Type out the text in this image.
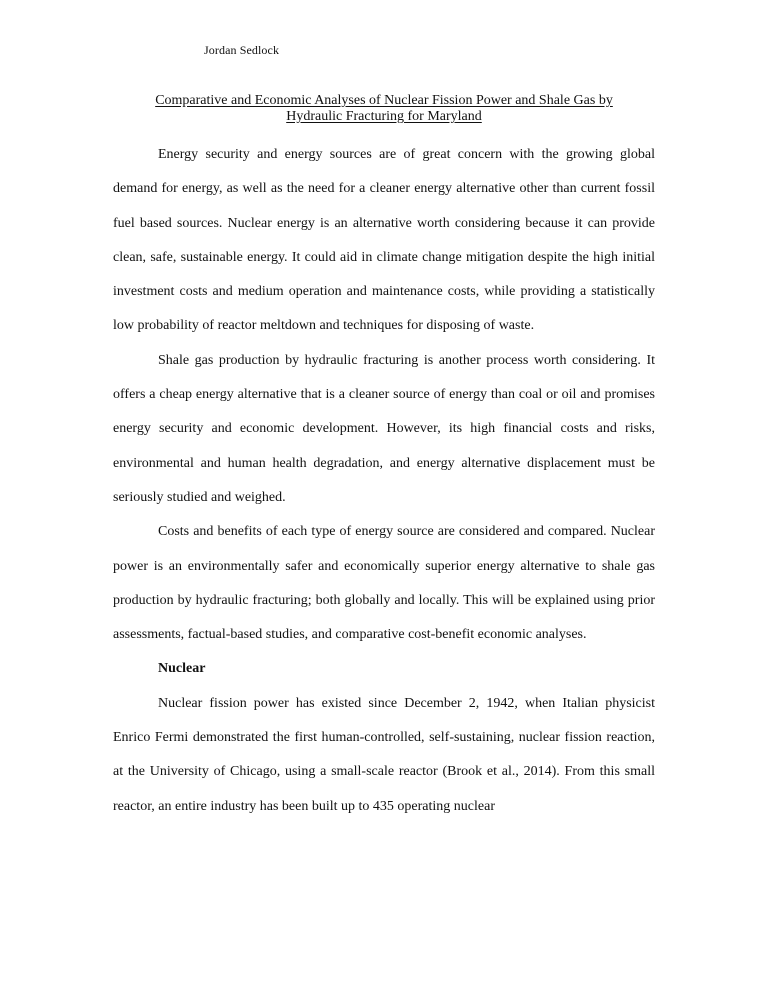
Jordan Sedlock
Comparative and Economic Analyses of Nuclear Fission Power and Shale Gas by
Hydraulic Fracturing for Maryland

Energy security and energy sources are of great concern with the growing global demand for energy, as well as the need for a cleaner energy alternative other than current fossil fuel based sources. Nuclear energy is an alternative worth considering because it can provide clean, safe, sustainable energy. It could aid in climate change mitigation despite the high initial investment costs and medium operation and maintenance costs, while providing a statistically low probability of reactor meltdown and techniques for disposing of waste.

Shale gas production by hydraulic fracturing is another process worth considering. It offers a cheap energy alternative that is a cleaner source of energy than coal or oil and promises energy security and economic development. However, its high financial costs and risks, environmental and human health degradation, and energy alternative displacement must be seriously studied and weighed.

Costs and benefits of each type of energy source are considered and compared. Nuclear power is an environmentally safer and economically superior energy alternative to shale gas production by hydraulic fracturing; both globally and locally. This will be explained using prior assessments, factual-based studies, and comparative cost-benefit economic analyses.

Nuclear

Nuclear fission power has existed since December 2, 1942, when Italian physicist Enrico Fermi demonstrated the first human-controlled, self-sustaining, nuclear fission reaction, at the University of Chicago, using a small-scale reactor (Brook et al., 2014). From this small reactor, an entire industry has been built up to 435 operating nuclear
